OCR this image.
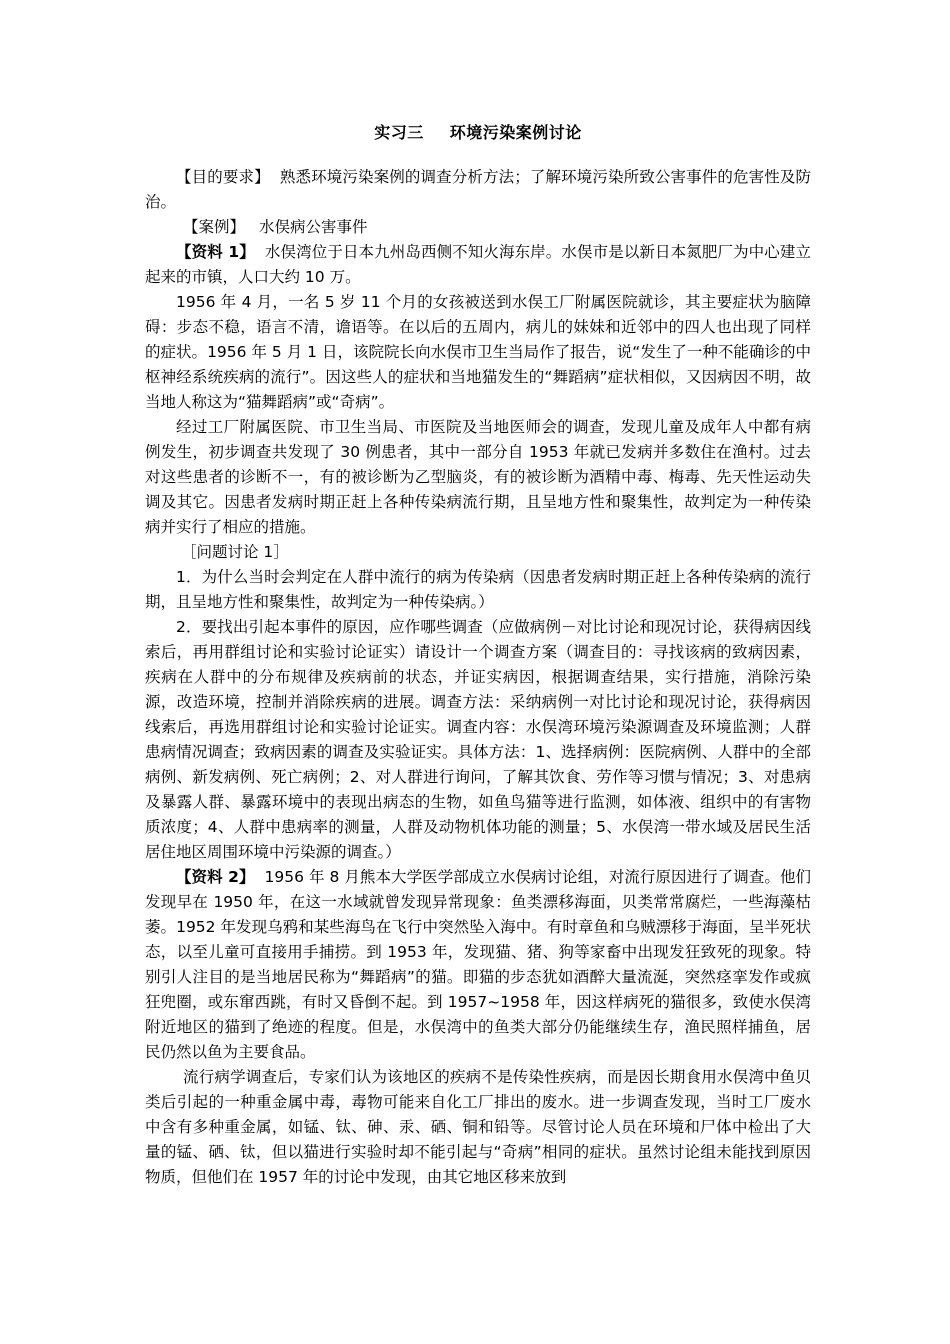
实习三 环境污染案例讨论

【目的要求】 熟悉环境污染案例的调查分析方法；了解环境污染所致公害事件的危害性及防治。

【案例】 水俣病公害事件

【资料 1】 水俣湾位于日本九州岛西侧不知火海东岸。水俣市是以新日本氮肥厂为中心建立起来的市镇，人口大约 10 万。

1956 年 4 月，一名 5 岁 11 个月的女孩被送到水俣工厂附属医院就诊，其主要症状为脑障碍：步态不稳，语言不清，谵语等。在以后的五周内，病儿的妹妹和近邻中的四人也出现了同样的症状。1956 年 5 月 1 日，该院院长向水俣市卫生当局作了报告，说“发生了一种不能确诊的中枢神经系统疾病的流行”。因这些人的症状和当地猫发生的“舞蹈病”症状相似，又因病因不明，故当地人称这为“猫舞蹈病”或“奇病”。

经过工厂附属医院、市卫生当局、市医院及当地医师会的调查，发现儿童及成年人中都有病例发生，初步调查共发现了 30 例患者，其中一部分自 1953 年就已发病并多数住在渔村。过去对这些患者的诊断不一，有的被诊断为乙型脑炎，有的被诊断为酒精中毒、梅毒、先天性运动失调及其它。因患者发病时期正赶上各种传染病流行期，且呈地方性和聚集性，故判定为一种传染病并实行了相应的措施。

［问题讨论 1］

1．为什么当时会判定在人群中流行的病为传染病（因患者发病时期正赶上各种传染病的流行期，且呈地方性和聚集性，故判定为一种传染病。）

2．要找出引起本事件的原因，应作哪些调查（应做病例－对比讨论和现况讨论，获得病因线索后，再用群组讨论和实验讨论证实）请设计一个调查方案（调查目的：寻找该病的致病因素，疾病在人群中的分布规律及疾病前的状态，并证实病因，根据调查结果，实行措施，消除污染源，改造环境，控制并消除疾病的进展。调查方法：采纳病例一对比讨论和现况讨论，获得病因线索后，再选用群组讨论和实验讨论证实。调查内容：水俣湾环境污染源调查及环境监测；人群患病情况调查；致病因素的调查及实验证实。具体方法：1、选择病例：医院病例、人群中的全部病例、新发病例、死亡病例；2、对人群进行询问，了解其饮食、劳作等习惯与情况；3、对患病及暴露人群、暴露环境中的表现出病态的生物，如鱼鸟猫等进行监测，如体液、组织中的有害物质浓度；4、人群中患病率的测量，人群及动物机体功能的测量；5、水俣湾一带水域及居民生活居住地区周围环境中污染源的调查。）

【资料 2】 1956 年 8 月熊本大学医学部成立水俣病讨论组，对流行原因进行了调查。他们发现早在 1950 年，在这一水域就曾发现异常现象：鱼类漂移海面，贝类常常腐烂，一些海藻枯萎。1952 年发现乌鸦和某些海鸟在飞行中突然坠入海中。有时章鱼和乌贼漂移于海面，呈半死状态，以至儿童可直接用手捕捞。到 1953 年，发现猫、猪、狗等家畜中出现发狂致死的现象。特别引人注目的是当地居民称为“舞蹈病”的猫。即猫的步态犹如酒醉大量流涎，突然痉挛发作或疯狂兜圈，或东窜西跳，有时又昏倒不起。到 1957~1958 年，因这样病死的猫很多，致使水俣湾附近地区的猫到了绝迹的程度。但是，水俣湾中的鱼类大部分仍能继续生存，渔民照样捕鱼，居民仍然以鱼为主要食品。

流行病学调查后，专家们认为该地区的疾病不是传染性疾病，而是因长期食用水俣湾中鱼贝类后引起的一种重金属中毒，毒物可能来自化工厂排出的废水。进一步调查发现，当时工厂废水中含有多种重金属，如锰、钛、砷、汞、硒、铜和铅等。尽管讨论人员在环境和尸体中检出了大量的锰、硒、钛，但以猫进行实验时却不能引起与“奇病”相同的症状。虽然讨论组未能找到原因物质，但他们在 1957 年的讨论中发现，由其它地区移来放到
